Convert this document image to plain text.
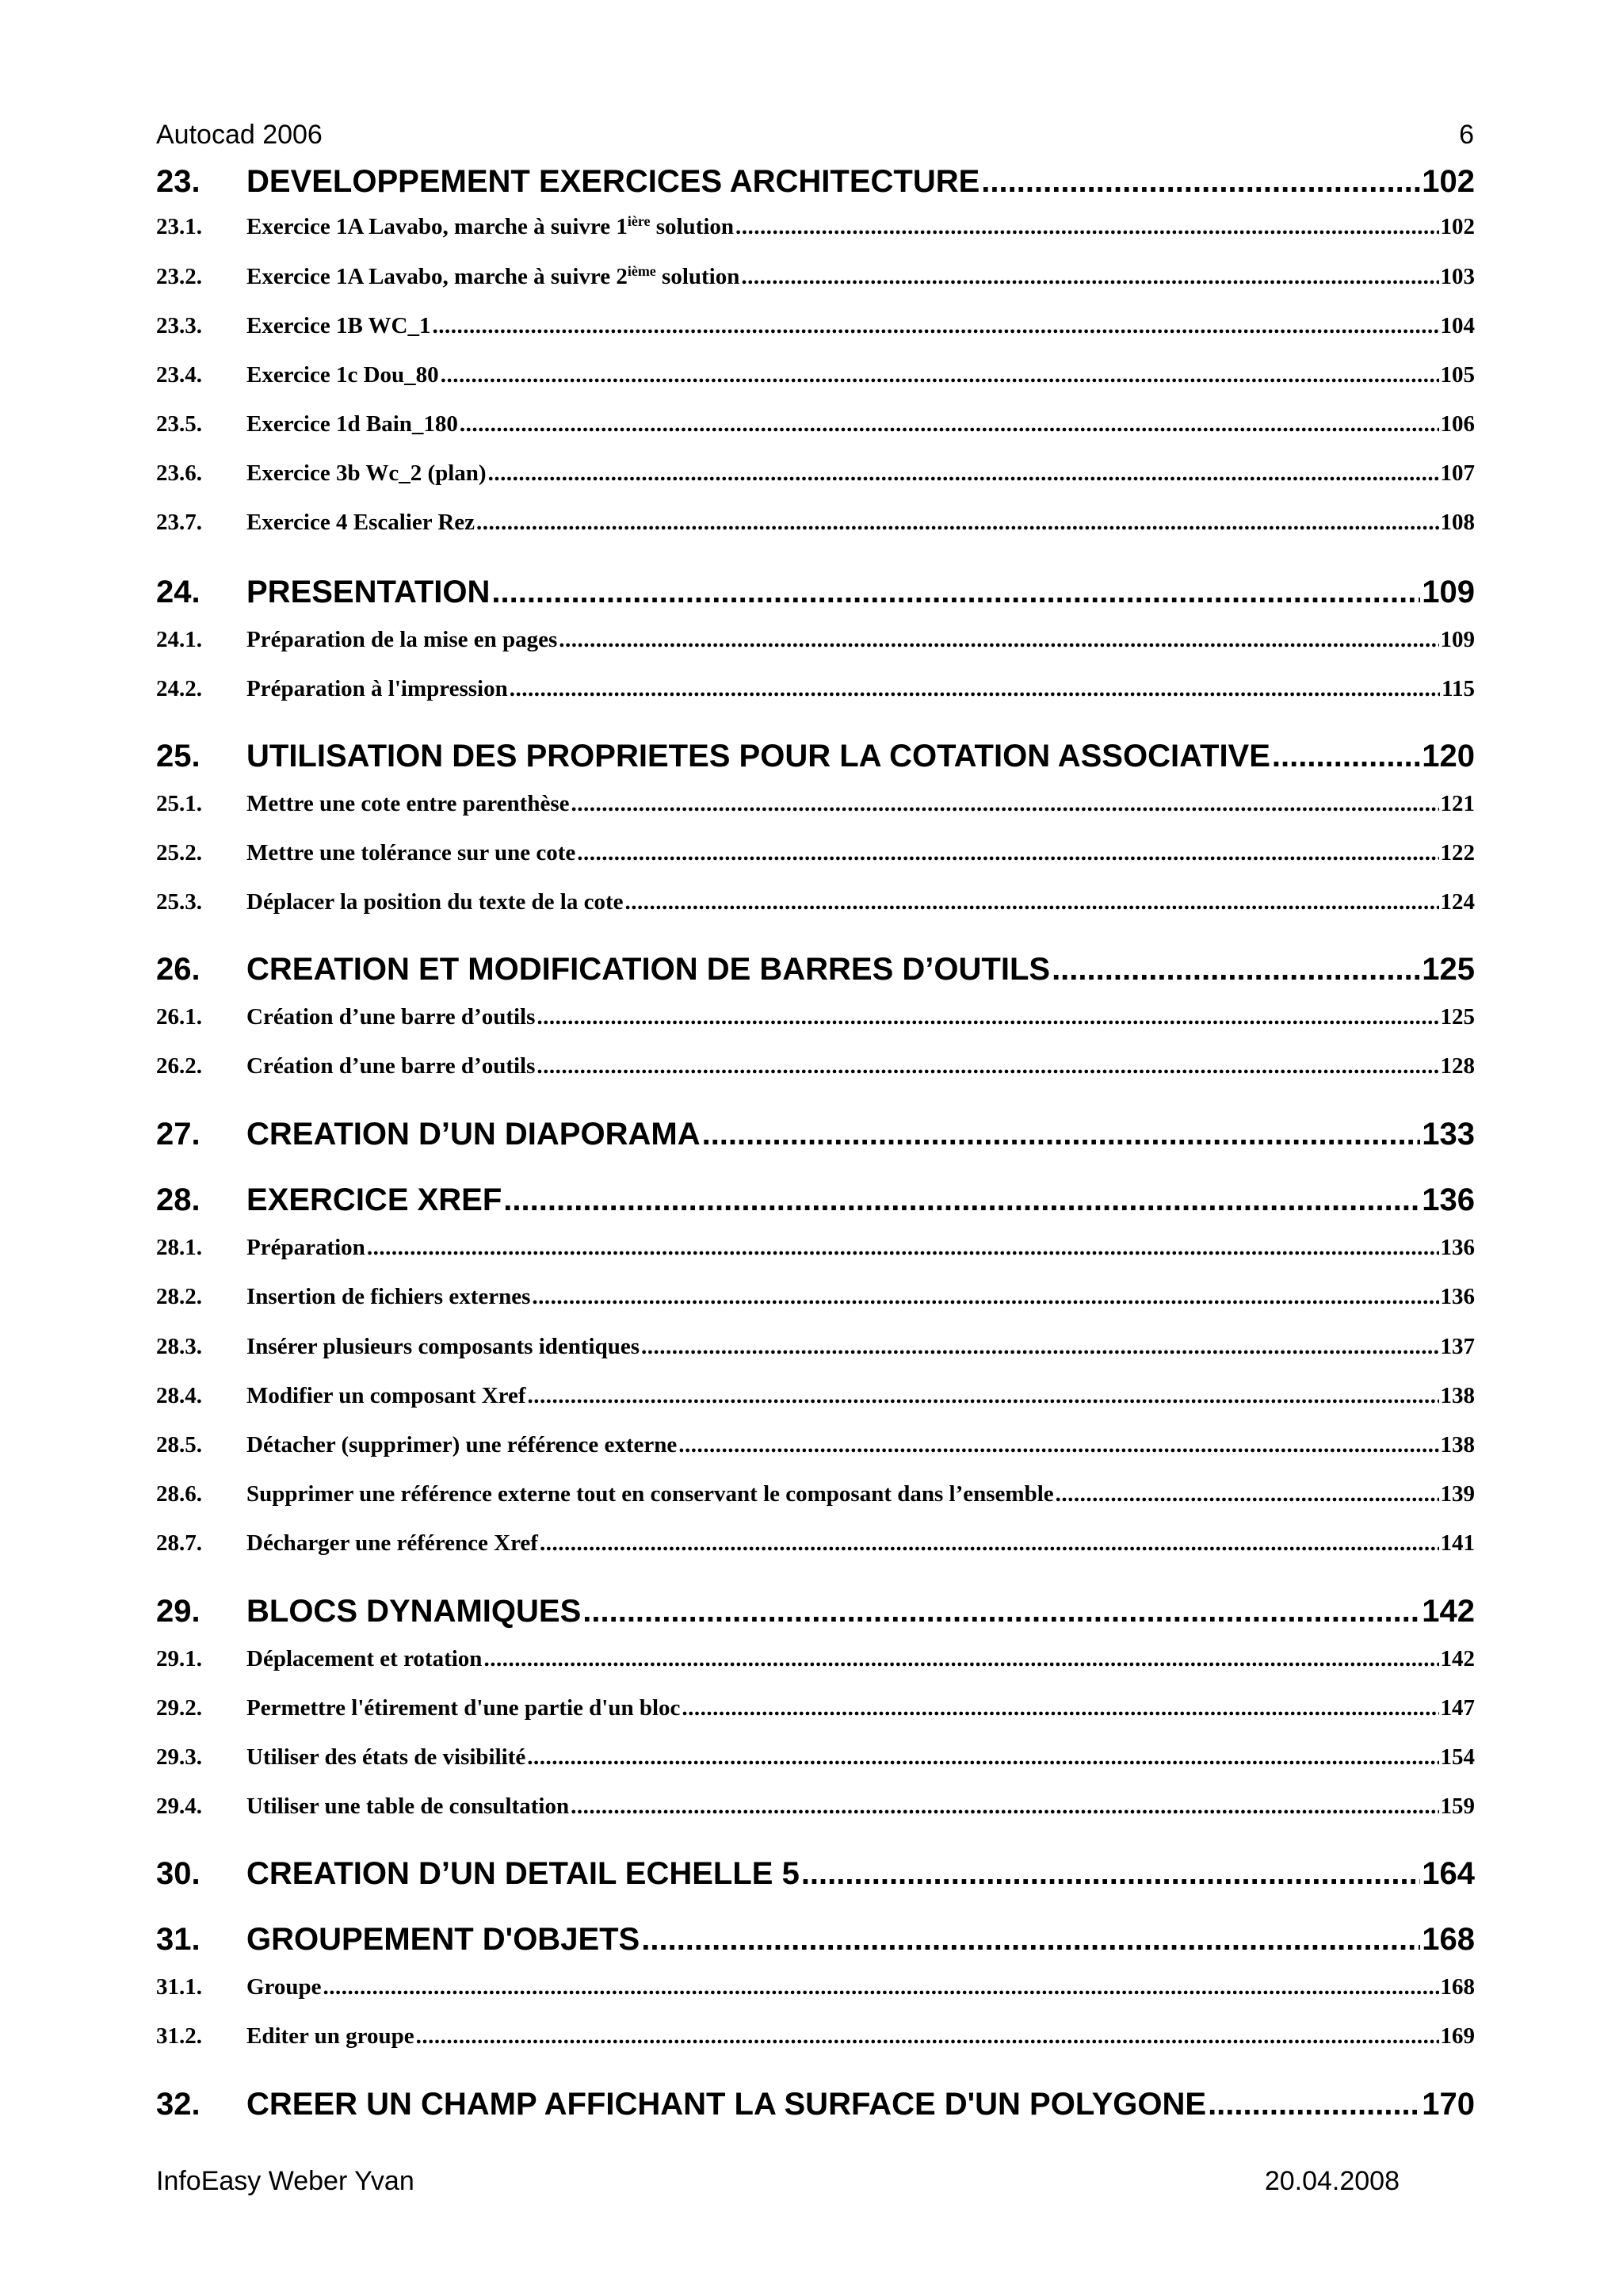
Autocad 2006	6
23.	DEVELOPPEMENT EXERCICES ARCHITECTURE .....	102
23.1.	Exercice 1A Lavabo, marche à suivre $1^{ière}$ solution .....	102
23.2.	Exercice 1A Lavabo, marche à suivre 2ième solution .....	103
23.3.	Exercice 1B WC_1 .....	104
23.4.	Exercice 1c Dou_80 .....	105
23.5.	Exercice 1d Bain_180 .....	106
23.6.	Exercice 3b Wc_2 (plan) .....	107
23.7.	Exercice 4 Escalier Rez .....	108
24.	PRESENTATION .....	109
24.1.	Préparation de la mise en pages .....	109
24.2.	Préparation à l'impression .....	115
25.	UTILISATION DES PROPRIETES POUR LA COTATION ASSOCIATIVE .....	120
25.1.	Mettre une cote entre parenthèse .....	121
25.2.	Mettre une tolérance sur une cote .....	122
25.3.	Déplacer la position du texte de la cote .....	124
26.	CREATION ET MODIFICATION DE BARRES D’OUTILS .....	125
26.1.	Création d’une barre d’outils .....	125
26.2.	Création d’une barre d’outils .....	128
27.	CREATION D’UN DIAPORAMA .....	133
28.	EXERCICE XREF .....	136
28.1.	Préparation .....	136
28.2.	Insertion de fichiers externes .....	136
28.3.	Insérer plusieurs composants identiques .....	137
28.4.	Modifier un composant Xref .....	138
28.5.	Détacher (supprimer) une référence externe .....	138
28.6.	Supprimer une référence externe tout en conservant le composant dans l’ensemble .....	139
28.7.	Décharger une référence Xref .....	141
29.	BLOCS DYNAMIQUES .....	142
29.1.	Déplacement et rotation .....	142
29.2.	Permettre l'étirement d'une partie d'un bloc .....	147
29.3.	Utiliser des états de visibilité .....	154
29.4.	Utiliser une table de consultation .....	159
30.	CREATION D’UN DETAIL ECHELLE 5 .....	164
31.	GROUPEMENT D'OBJETS .....	168
31.1.	Groupe .....	168
31.2.	Editer un groupe .....	169
32.	CREER UN CHAMP AFFICHANT LA SURFACE D'UN POLYGONE .....	170
InfoEasy Weber Yvan	20.04.2008
